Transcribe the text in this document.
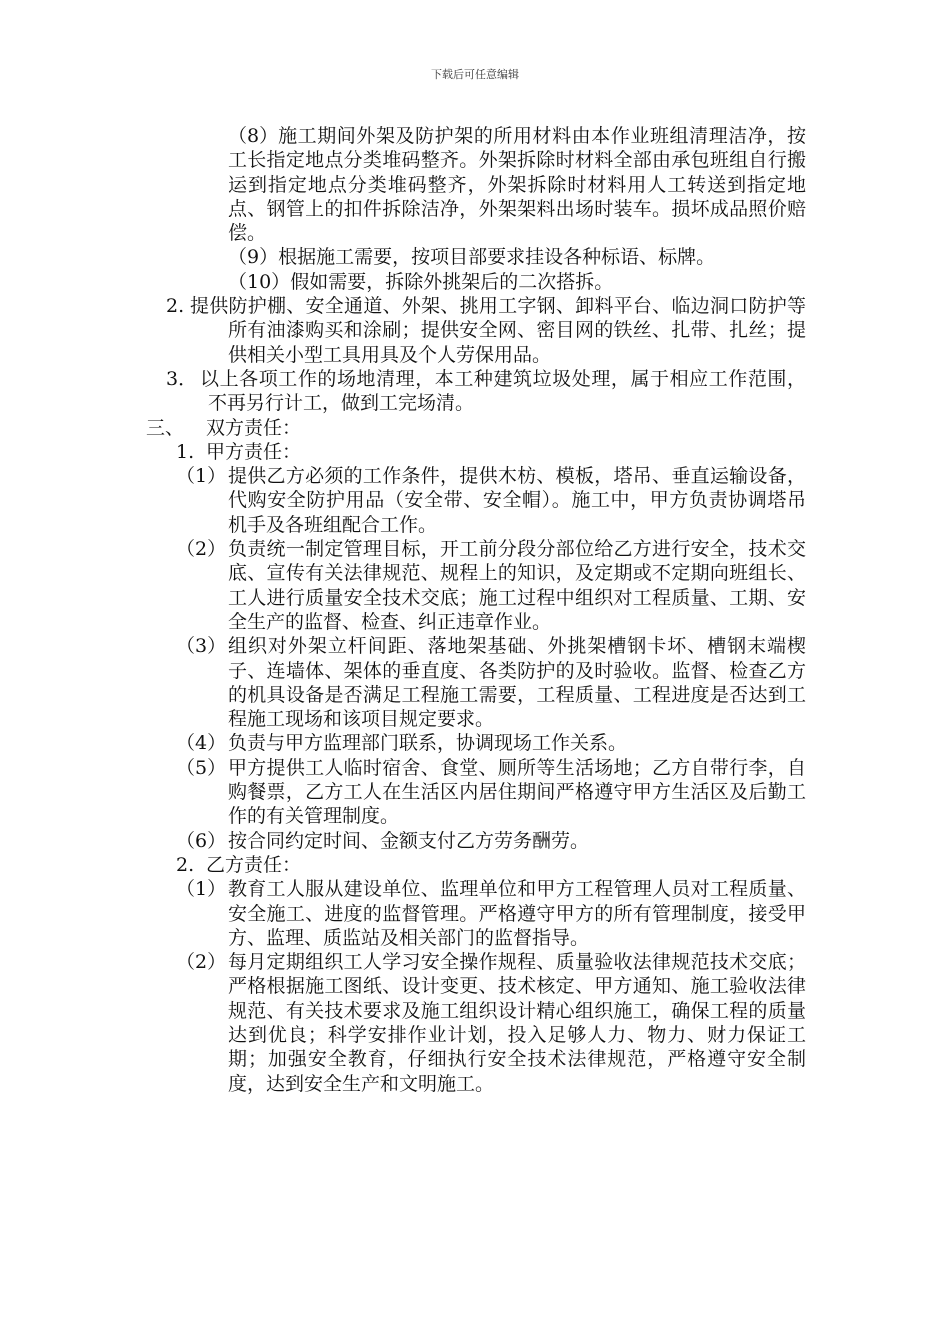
下载后可任意编辑
（8） 施工期间外架及防护架的所用材料由本作业班组清理洁净，按工长指定地点分类堆码整齐。外架拆除时材料全部由承包班组自行搬运到指定地点分类堆码整齐，外架拆除时材料用人工转送到指定地点、钢管上的扣件拆除洁净，外架架料出场时装车。损坏成品照价赔偿。
（9） 根据施工需要，按项目部要求挂设各种标语、标牌。
（10） 假如需要，拆除外挑架后的二次搭拆。
2. 提供防护棚、安全通道、外架、挑用工字钢、卸料平台、临边洞口防护等所有油漆购买和涂刷；提供安全网、密目网的铁丝、扎带、扎丝；提供相关小型工具用具及个人劳保用品。
3． 以上各项工作的场地清理，本工种建筑垃圾处理，属于相应工作范围，不再另行计工，做到工完场清。
三、 双方责任：
1. 甲方责任：
（1） 提供乙方必须的工作条件，提供木枋、模板，塔吊、垂直运输设备，代购安全防护用品（安全带、安全帽）。施工中，甲方负责协调塔吊机手及各班组配合工作。
（2） 负责统一制定管理目标，开工前分段分部位给乙方进行安全，技术交底、宣传有关法律规范、规程上的知识，及定期或不定期向班组长、工人进行质量安全技术交底；施工过程中组织对工程质量、工期、安全生产的监督、检查、纠正违章作业。
（3） 组织对外架立杆间距、落地架基础、外挑架槽钢卡坏、槽钢末端楔子、连墙体、架体的垂直度、各类防护的及时验收。监督、检查乙方的机具设备是否满足工程施工需要，工程质量、工程进度是否达到工程施工现场和该项目规定要求。
（4） 负责与甲方监理部门联系，协调现场工作关系。
（5） 甲方提供工人临时宿舍、食堂、厕所等生活场地；乙方自带行李，自购餐票，乙方工人在生活区内居住期间严格遵守甲方生活区及后勤工作的有关管理制度。
（6） 按合同约定时间、金额支付乙方劳务酬劳。
2. 乙方责任：
（1） 教育工人服从建设单位、监理单位和甲方工程管理人员对工程质量、安全施工、进度的监督管理。严格遵守甲方的所有管理制度，接受甲方、监理、质监站及相关部门的监督指导。
（2） 每月定期组织工人学习安全操作规程、质量验收法律规范技术交底；严格根据施工图纸、设计变更、技术核定、甲方通知、施工验收法律规范、有关技术要求及施工组织设计精心组织施工，确保工程的质量达到优良；科学安排作业计划，投入足够人力、物力、财力保证工期；加强安全教育，仔细执行安全技术法律规范，严格遵守安全制度，达到安全生产和文明施工。
